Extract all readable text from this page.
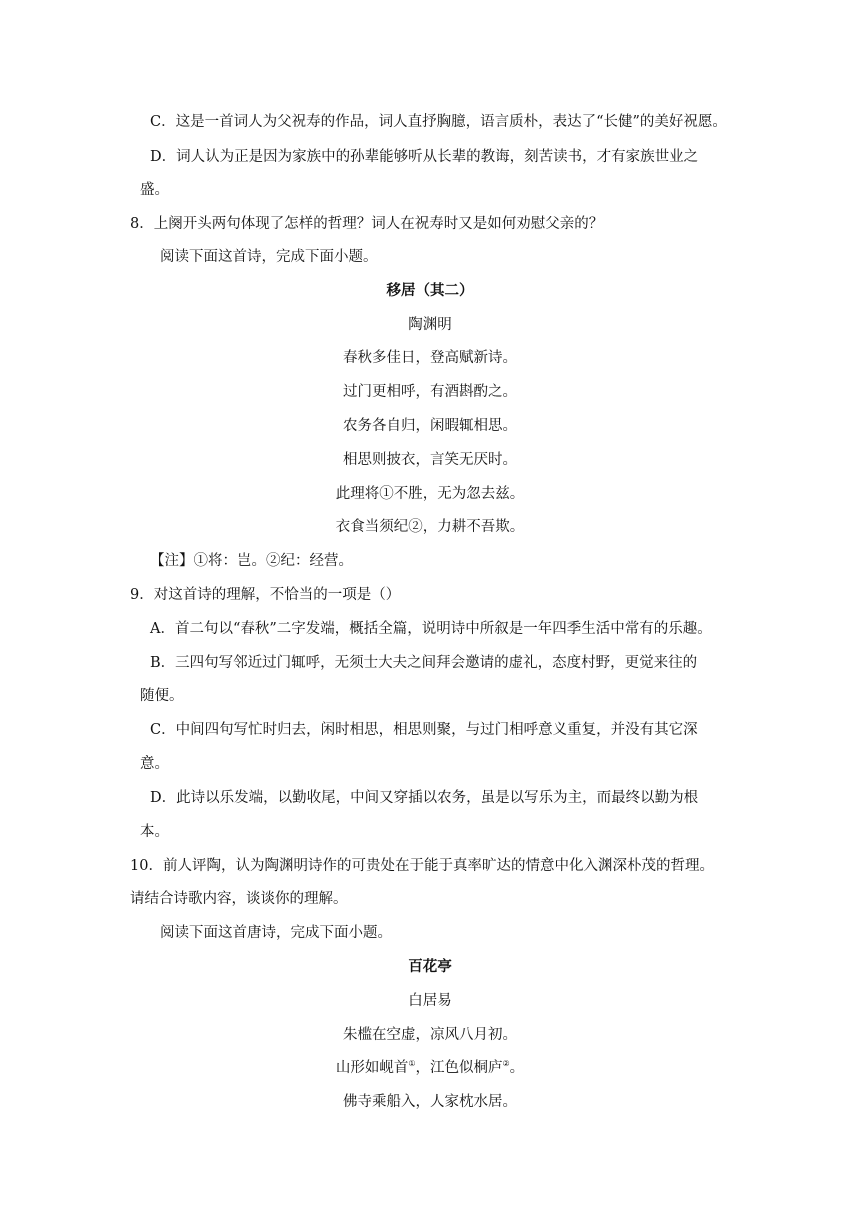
C．这是一首词人为父祝寿的作品，词人直抒胸臆，语言质朴，表达了“长健”的美好祝愿。
D．词人认为正是因为家族中的孙辈能够听从长辈的教诲，刻苦读书，才有家族世业之
盛。
8．上阕开头两句体现了怎样的哲理？词人在祝寿时又是如何劝慰父亲的？
阅读下面这首诗，完成下面小题。
移居（其二）
陶渊明
春秋多佳日，登高赋新诗。
过门更相呼，有酒斟酌之。
农务各自归，闲暇辄相思。
相思则披衣，言笑无厌时。
此理将①不胜，无为忽去兹。
衣食当须纪②，力耕不吾欺。
【注】①将：岂。②纪：经营。
9．对这首诗的理解，不恰当的一项是（）
A．首二句以“春秋”二字发端，概括全篇，说明诗中所叙是一年四季生活中常有的乐趣。
B．三四句写邻近过门辄呼，无须士大夫之间拜会邀请的虚礼，态度村野，更觉来往的
随便。
C．中间四句写忙时归去，闲时相思，相思则聚，与过门相呼意义重复，并没有其它深
意。
D．此诗以乐发端，以勤收尾，中间又穿插以农务，虽是以写乐为主，而最终以勤为根
本。
10．前人评陶，认为陶渊明诗作的可贵处在于能于真率旷达的情意中化入渊深朴茂的哲理。
请结合诗歌内容，谈谈你的理解。
阅读下面这首唐诗，完成下面小题。
百花亭
白居易
朱槛在空虚，凉风八月初。
山形如岘首①，江色似桐庐②。
佛寺乘船入，人家枕水居。
